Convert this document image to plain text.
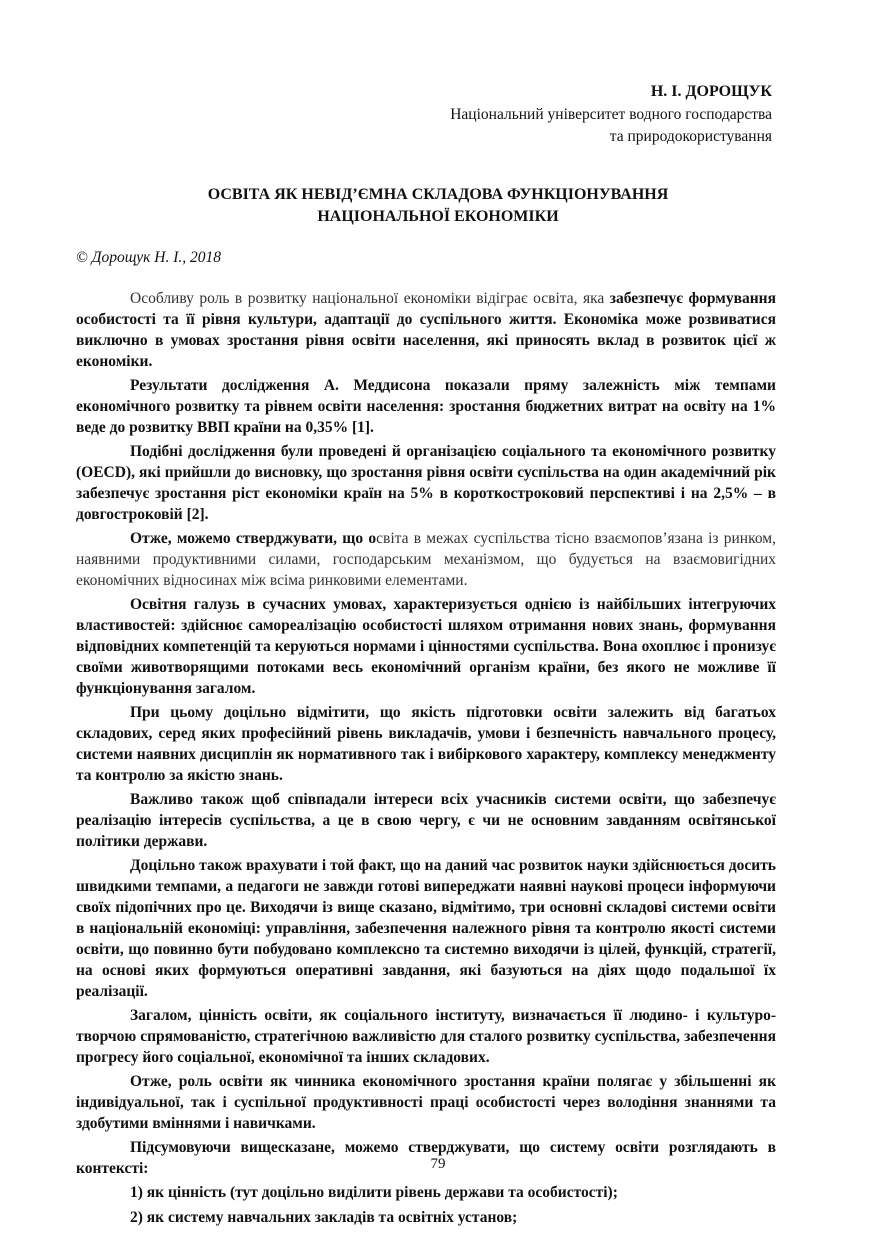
Н. І. ДОРОЩУК
Національний університет водного господарства
та природокористування
ОСВІТА ЯК НЕВІД’ЄМНА СКЛАДОВА ФУНКЦІОНУВАННЯ
НАЦІОНАЛЬНОЇ ЕКОНОМІКИ
© Дорощук Н. І., 2018

Особливу роль в розвитку національної економіки відіграє освіта, яка забезпечує формування особистості та її рівня культури, адаптації до суспільного життя. Економіка може розвиватися виключно в умовах зростання рівня освіти населення, які приносять вклад в розвиток цієї ж економіки.

Результати дослідження А. Меддисона показали пряму залежність між темпами економічного розвитку та рівнем освіти населення: зростання бюджетних витрат на освіту на 1% веде до розвитку ВВП країни на 0,35% [1].

Подібні дослідження були проведені й організацією соціального та економічного розвитку (OECD), які прийшли до висновку, що зростання рівня освіти суспільства на один академічний рік забезпечує зростання ріст економіки країн на 5% в короткостроковий перспективі і на 2,5% – в довгостроковій [2].

Отже, можемо стверджувати, що освіта в межах суспільства тісно взаємопов’язана із ринком, наявними продуктивними силами, господарським механізмом, що будується на взаємовигідних економічних відносинах між всіма ринковими елементами.

Освітня галузь в сучасних умовах, характеризується однією із найбільших інтегруючих властивостей: здійснює самореалізацію особистості шляхом отримання нових знань, формування відповідних компетенцій та керуються нормами і цінностями суспільства. Вона охоплює і пронизує своїми животворящими потоками весь економічний організм країни, без якого не можливе її функціонування загалом.

При цьому доцільно відмітити, що якість підготовки освіти залежить від багатьох складових, серед яких професійний рівень викладачів, умови і безпечність навчального процесу, системи наявних дисциплін як нормативного так і вибіркового характеру, комплексу менеджменту та контролю за якістю знань.

Важливо також щоб співпадали інтереси всіх учасників системи освіти, що забезпечує реалізацію інтересів суспільства, а це в свою чергу, є чи не основним завданням освітянської політики держави.

Доцільно також врахувати і той факт, що на даний час розвиток науки здійснюється досить швидкими темпами, а педагоги не завжди готові випереджати наявні наукові процеси інформуючи своїх підопічних про це. Виходячи із вище сказано, відмітимо, три основні складові системи освіти в національній економіці: управління, забезпечення належного рівня та контролю якості системи освіти, що повинно бути побудовано комплексно та системно виходячи із цілей, функцій, стратегії, на основі яких формуються оперативні завдання, які базуються на діях щодо подальшої їх реалізації.

Загалом, цінність освіти, як соціального інституту, визначається її людино- і культуро-творчою спрямованістю, стратегічною важливістю для сталого розвитку суспільства, забезпечення прогресу його соціальної, економічної та інших складових.

Отже, роль освіти як чинника економічного зростання країни полягає у збільшенні як індивідуальної, так і суспільної продуктивності праці особистості через володіння знаннями та здобутими вміннями і навичками.

Підсумовуючи вищесказане, можемо стверджувати, що систему освіти розглядають в контексті:

1) як цінність (тут доцільно виділити рівень держави та особистості);

2) як систему навчальних закладів та освітніх установ;

79
